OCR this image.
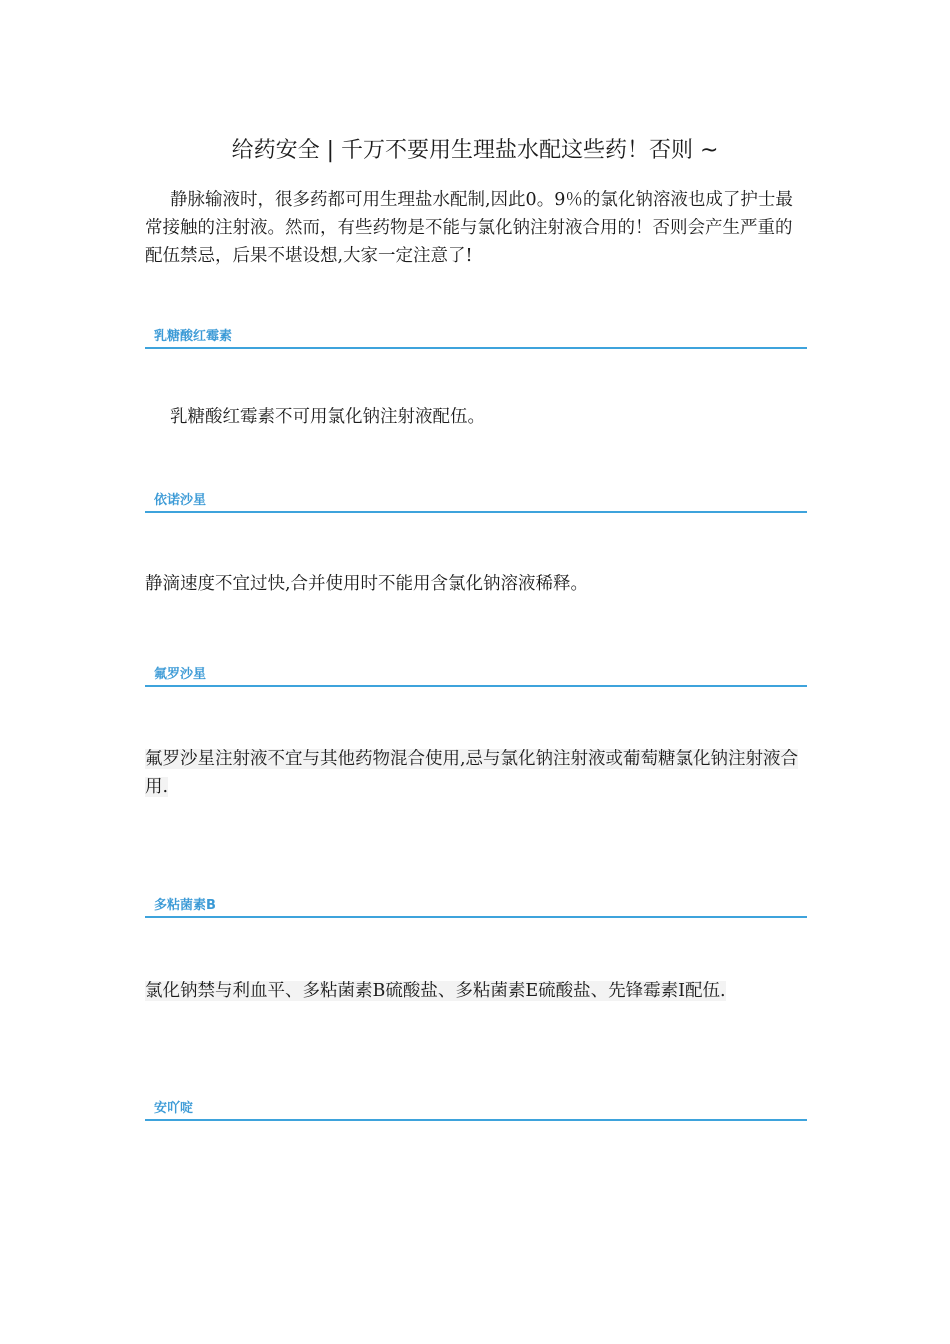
给药安全 | 千万不要用生理盐水配这些药！否则 ~

静脉输液时，很多药都可用生理盐水配制,因此0。9％的氯化钠溶液也成了护士最常接触的注射液。然而，有些药物是不能与氯化钠注射液合用的！否则会产生严重的配伍禁忌，后果不堪设想,大家一定注意了!

乳糖酸红霉素

乳糖酸红霉素不可用氯化钠注射液配伍。

依诺沙星

静滴速度不宜过快,合并使用时不能用含氯化钠溶液稀释。

氟罗沙星

氟罗沙星注射液不宜与其他药物混合使用,忌与氯化钠注射液或葡萄糖氯化钠注射液合用.

多粘菌素B

氯化钠禁与利血平、多粘菌素B硫酸盐、多粘菌素E硫酸盐、先锋霉素Ⅰ配伍.

安吖啶
